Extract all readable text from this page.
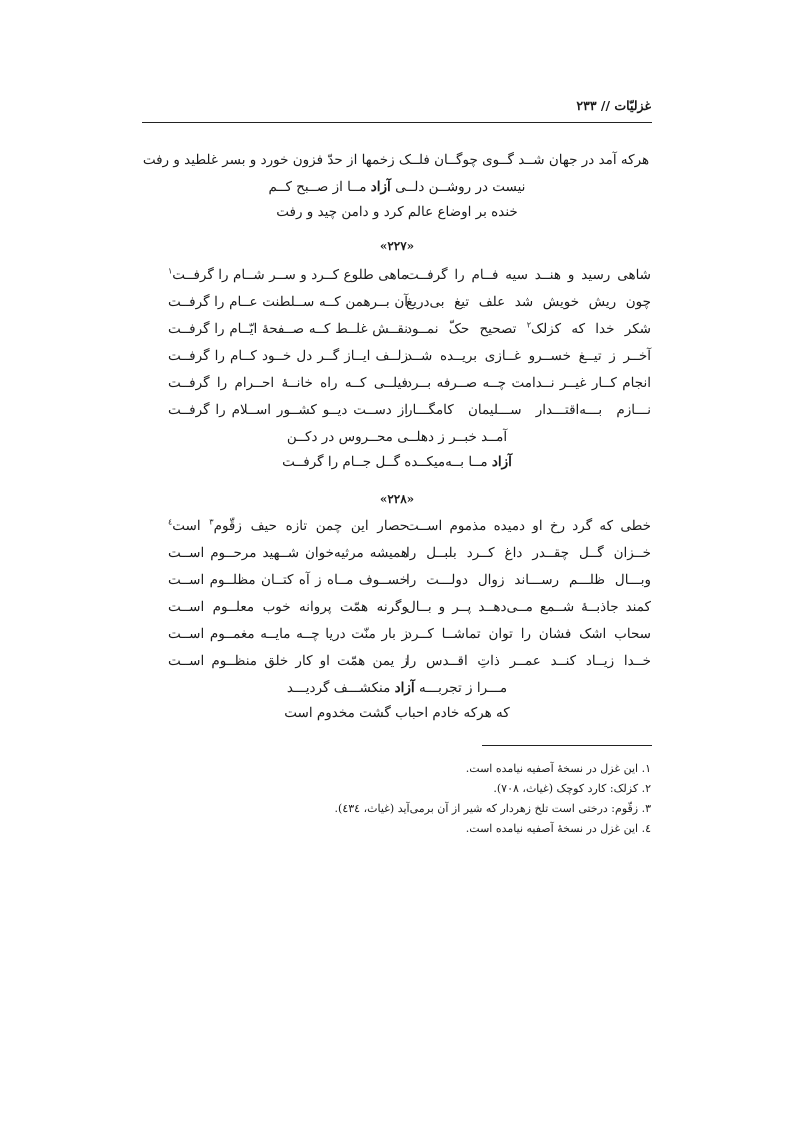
غزلیّات // ۲۳۳
هرکه آمد در جهان شــد گــوی چوگــان فلــک زخمها از حدّ فزون خورد و بسر غلطید و رفت
نیست در روشــن دلــی آزاد مــا از صــبح کــم
خنده بر اوضاع عالم کرد و دامن چید و رفت
«۲۲۷»
شاهی رسید و هنــد سیه فــام را گرفــت
ماهی طلوع کــرد و ســر شــام را گرفــت$^۱$
چون ریش خویش شد علف تیغ بی‌دریغ
آن بــرهمن کــه ســلطنت عــام را گرفــت
شکر خدا که کزلک$^۲$ تصحیح حکّ نمــود
نقــش غلــط کــه صــفحهٔ ایّــام را گرفــت
آخــر ز تیــغ خســرو غــازی بریــده شــد
زلــف ایــاز گــر دل خــود کــام را گرفــت
انجام کــار غیــر نــدامت چــه صــرفه بــرد
فیلــی کــه راه خانــهٔ احــرام را گرفــت
نـــازم بـــه‌اقتـــدار ســـلیمان کامگـــار
از دســت دیــو کشــور اســلام را گرفــت
آمــد خبــر ز دهلــی محــروس در دکــن
آزاد مــا بــه‌میکــده گــل جــام را گرفــت
«۲۲۸»
خطی که گرد رخ او دمیده مذموم اســت
حصار این چمن تازه حیف زقّوم$^۳$ است$^٤$
خــزان گــل چقــدر داغ کــرد بلبــل را
همیشه مرثیه‌خوان شــهید مرحــوم اســت
وبـــال ظلـــم رســـاند زوال دولـــت را
خســوف مــاه ز آه کتــان مظلــوم اســت
کمند جاذبــهٔ شــمع مــی‌دهــد پــر و بــال
وگرنه همّت پروانه خوب معلــوم اســت
سحاب اشک فشان را توان تماشــا کــرد
ز بار منّت دریا چــه مایــه مغمــوم اســت
خــدا زیــاد کنــد عمــر ذاتِ اقــدس را
ز یمن همّت او کار خلق منظــوم اســت
مـــرا ز تجربـــه آزاد منکشـــف گردیـــد
که هرکه خادم احباب گشت مخدوم است
۱. این غزل در نسخهٔ آصفیه نیامده است.
۲. کزلک: کارد کوچک (غیاث، ۷۰۸).
۳. زقّوم: درختی است تلخ زهردار که شیر از آن برمی‌آید (غیاث، ٤٣٤).
٤. این غزل در نسخهٔ آصفیه نیامده است.
